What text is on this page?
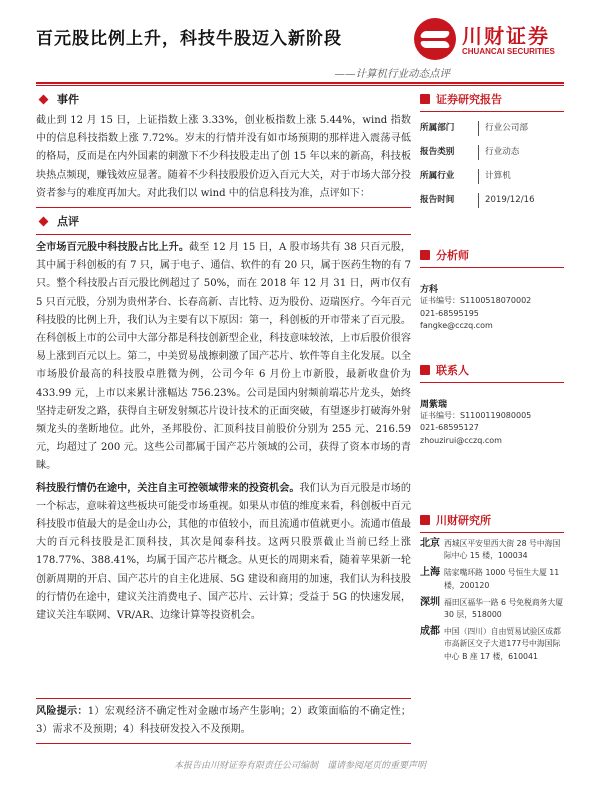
百元股比例上升，科技牛股迈入新阶段	川财证券
CHUANCAI SECURITIES
——计算机行业动态点评
事件

截止到 12 月 15 日，上证指数上涨 3.33%，创业板指数上涨 5.44%，wind 指数中的信息科技指数上涨 7.72%。岁末的行情并没有如市场预期的那样进入震荡寻低的格局，反而是在内外国素的刺激下不少科技股走出了创 15 年以来的新高，科技板块热点频现，赚钱效应显著。随着不少科技股股价迈入百元大关，对于市场大部分投资者参与的难度再加大。对此我们以 wind 中的信息科技为准，点评如下：

点评

全市场百元股中科技股占比上升。截至 12 月 15 日，A 股市场共有 38 只百元股，其中属于科创板的有 7 只，属于电子、通信、软件的有 20 只，属于医药生物的有 7 只。整个科技股占百元股比例超过了 50%，而在 2018 年 12 月 31 日，两市仅有 5 只百元股，分别为贵州茅台、长春高新、吉比特、迈为股份、迈瑞医疗。今年百元科技股的比例上升，我们认为主要有以下原因：第一，科创板的开市带来了百元股。在科创板上市的公司中大部分都是科技创新型企业，科技意味较浓，上市后股价很容易上涨到百元以上。第二，中美贸易战擦刺激了国产芯片、软件等自主化发展。以全市场股价最高的科技股卓胜微为例，公司今年 6 月份上市新股，最新收盘价为 433.99 元，上市以来累计涨幅达 756.23%。公司是国内射频前端芯片龙头，始终坚持走研发之路，获得自主研发射频芯片设计技术的正面突破，有望逐步打破海外射频龙头的垄断地位。此外，圣邦股份、汇顶科技目前股价分别为 255 元、216.59 元，均超过了 200 元。这些公司都属于国产芯片领域的公司，获得了资本市场的青睐。

科技股行情仍在途中，关注自主可控领域带来的投资机会。我们认为百元股是市场的一个标志，意味着这些板块可能受市场重视。如果从市值的维度来看，科创板中百元科技股市值最大的是金山办公，其他的市值较小，而且流通市值就更小。流通市值最大的百元科技股是汇顶科技，其次是闻泰科技。这两只股票截止当前已经上涨 178.77%、388.41%，均属于国产芯片概念。从更长的周期来看，随着苹果新一轮创新周期的开启、国产芯片的自主化进展、5G 建设和商用的加速，我们认为科技股的行情仍在途中，建议关注消费电子、国产芯片、云计算；受益于 5G 的快速发展，建议关注车联网、VR/AR、边缘计算等投资机会。

风险提示：1）宏观经济不确定性对金融市场产生影响；2）政策面临的不确定性；3）需求不及预期；4）科技研发投入不及预期。

证券研究报告
所属部门	行业公司部
报告类别	行业动态
所属行业	计算机
报告时间	2019/12/16
分析师
方科
证书编号：S1100518070002
021-68595195
fangke@cczq.com
联系人
周紫瑞
证书编号：S1100119080005
021-68595127
zhouzirui@cczq.com
川财研究所
北京 西城区平安里西大街 28 号中海国际中心 15 楼，100034
上海 陆家嘴环路 1000 号恒生大厦 11 楼，200120
深圳 福田区福华一路 6 号免税商务大厦 30 层，518000
成都 中国（四川）自由贸易试验区成都市高新区交子大道177号中海国际中心 B 座 17 楼，610041
本报告由川财证券有限责任公司编制　谨请参阅尾页的重要声明
